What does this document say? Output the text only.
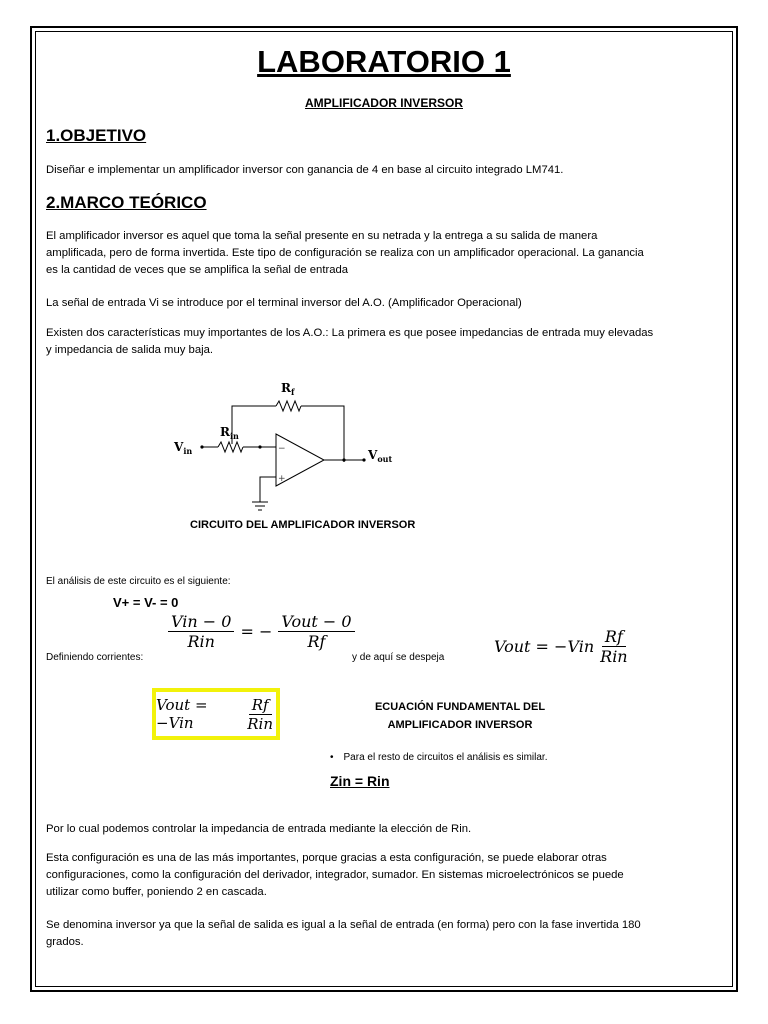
LABORATORIO 1
AMPLIFICADOR INVERSOR
1.OBJETIVO
Diseñar e implementar un amplificador inversor con ganancia de 4 en base al circuito integrado LM741.
2.MARCO TEÓRICO
El amplificador inversor es aquel que toma la señal presente en su netrada y la entrega a su salida de manera
amplificada, pero de forma invertida. Este tipo de configuración se realiza con un amplificador operacional. La ganancia
es la cantidad de veces que se amplifica la señal de entrada
La señal de entrada Vi se introduce por el terminal inversor del A.O. (Amplificador Operacional)
Existen dos características muy importantes de los A.O.: La primera es que posee impedancias de entrada muy elevadas
y impedancia de salida muy baja.
$R_f$
$R_{in}$
$V_{in}$	$V_{out}$
−
+
CIRCUITO DEL AMPLIFICADOR INVERSOR
El análisis de este circuito es el siguiente:
V+ = V- = 0
Definiendo corrientes:
$\frac{\text{Vin − 0}}{\text{Rin}}$ = − $\frac{\text{Vout − 0}}{Rf}$
y de aquí se despeja
Vout = $-Vin \frac{Rf}{\text{Rin}}$
Vout = −Vin	$\frac{Rf}{\text{Rin}}$	ECUACIÓN FUNDAMENTAL DEL
AMPLIFICADOR INVERSOR
• Para el resto de circuitos el análisis es similar.
Zin = Rin
Por lo cual podemos controlar la impedancia de entrada mediante la elección de Rin.
Esta configuración es una de las más importantes, porque gracias a esta configuración, se puede elaborar otras
configuraciones, como la configuración del derivador, integrador, sumador. En sistemas microelectrónicos se puede
utilizar como buffer, poniendo 2 en cascada.
Se denomina inversor ya que la señal de salida es igual a la señal de entrada (en forma) pero con la fase invertida 180
grados.
